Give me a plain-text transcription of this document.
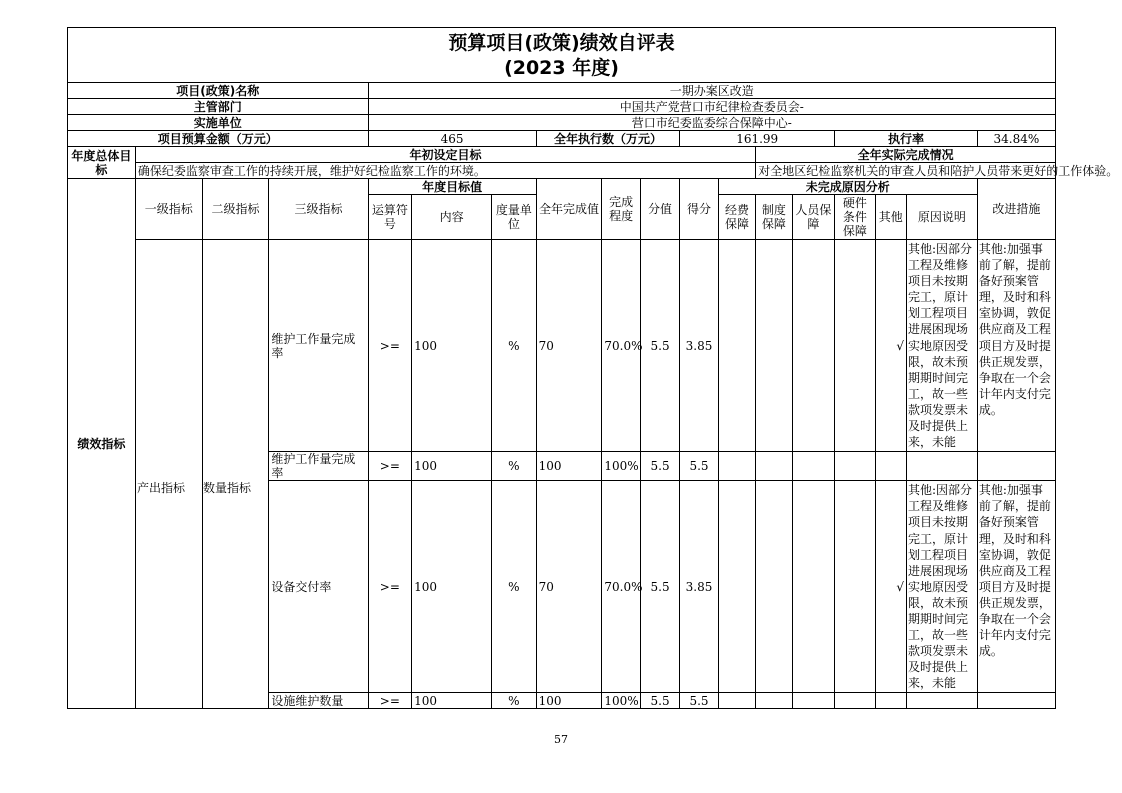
预算项目(政策)绩效自评表
(2023 年度)																	

项目(政策)名称				一期办案区改造													
主管部门				中国共产党营口市纪律检查委员会-													
实施单位				营口市纪委监委综合保障中心-													
项目预算金额（万元）				465			全年执行数（万元）			161.99				执行率			34.84%
年度总体目标	年初设定目标											全年实际完成情况					
	确保纪委监察审查工作的持续开展，维护好纪检监察工作的环境。											对全地区纪检监察机关的审查人员和陪护人员带来更好的工作体验。					
绩效指标	一级指标	二级指标	三级指标	年度目标值			全年完成值	完成程度	分值	得分	未完成原因分析						改进措施
				运算符号	内容	度量单位					经费保障	制度保障	人员保障	硬件条件保障	其他	原因说明	
			维护工作量完成率	>=	100	%	70	70.0%	5.5	3.85					√	其他:因部分工程及维修项目未按期完工，原计划工程项目进展困现场实地原因受限，故未预期期时间完工，故一些款项发票未及时提供上来，未能	其他:加强事前了解，提前备好预案管理，及时和科室协调，敦促供应商及工程项目方及时提供正规发票，争取在一个会计年内支付完成。
			维护工作量完成率	>=	100	%	100	100%	5.5	5.5							
			设备交付率	>=	100	%	70	70.0%	5.5	3.85					√	其他:因部分工程及维修项目未按期完工，原计划工程项目进展困现场实地原因受限，故未预期期时间完工，故一些款项发票未及时提供上来，未能	其他:加强事前了解，提前备好预案管理，及时和科室协调，敦促供应商及工程项目方及时提供正规发票，争取在一个会计年内支付完成。
			设施维护数量	>=	100	%	100	100%	5.5	5.5							
产出指标 数量指标
57
